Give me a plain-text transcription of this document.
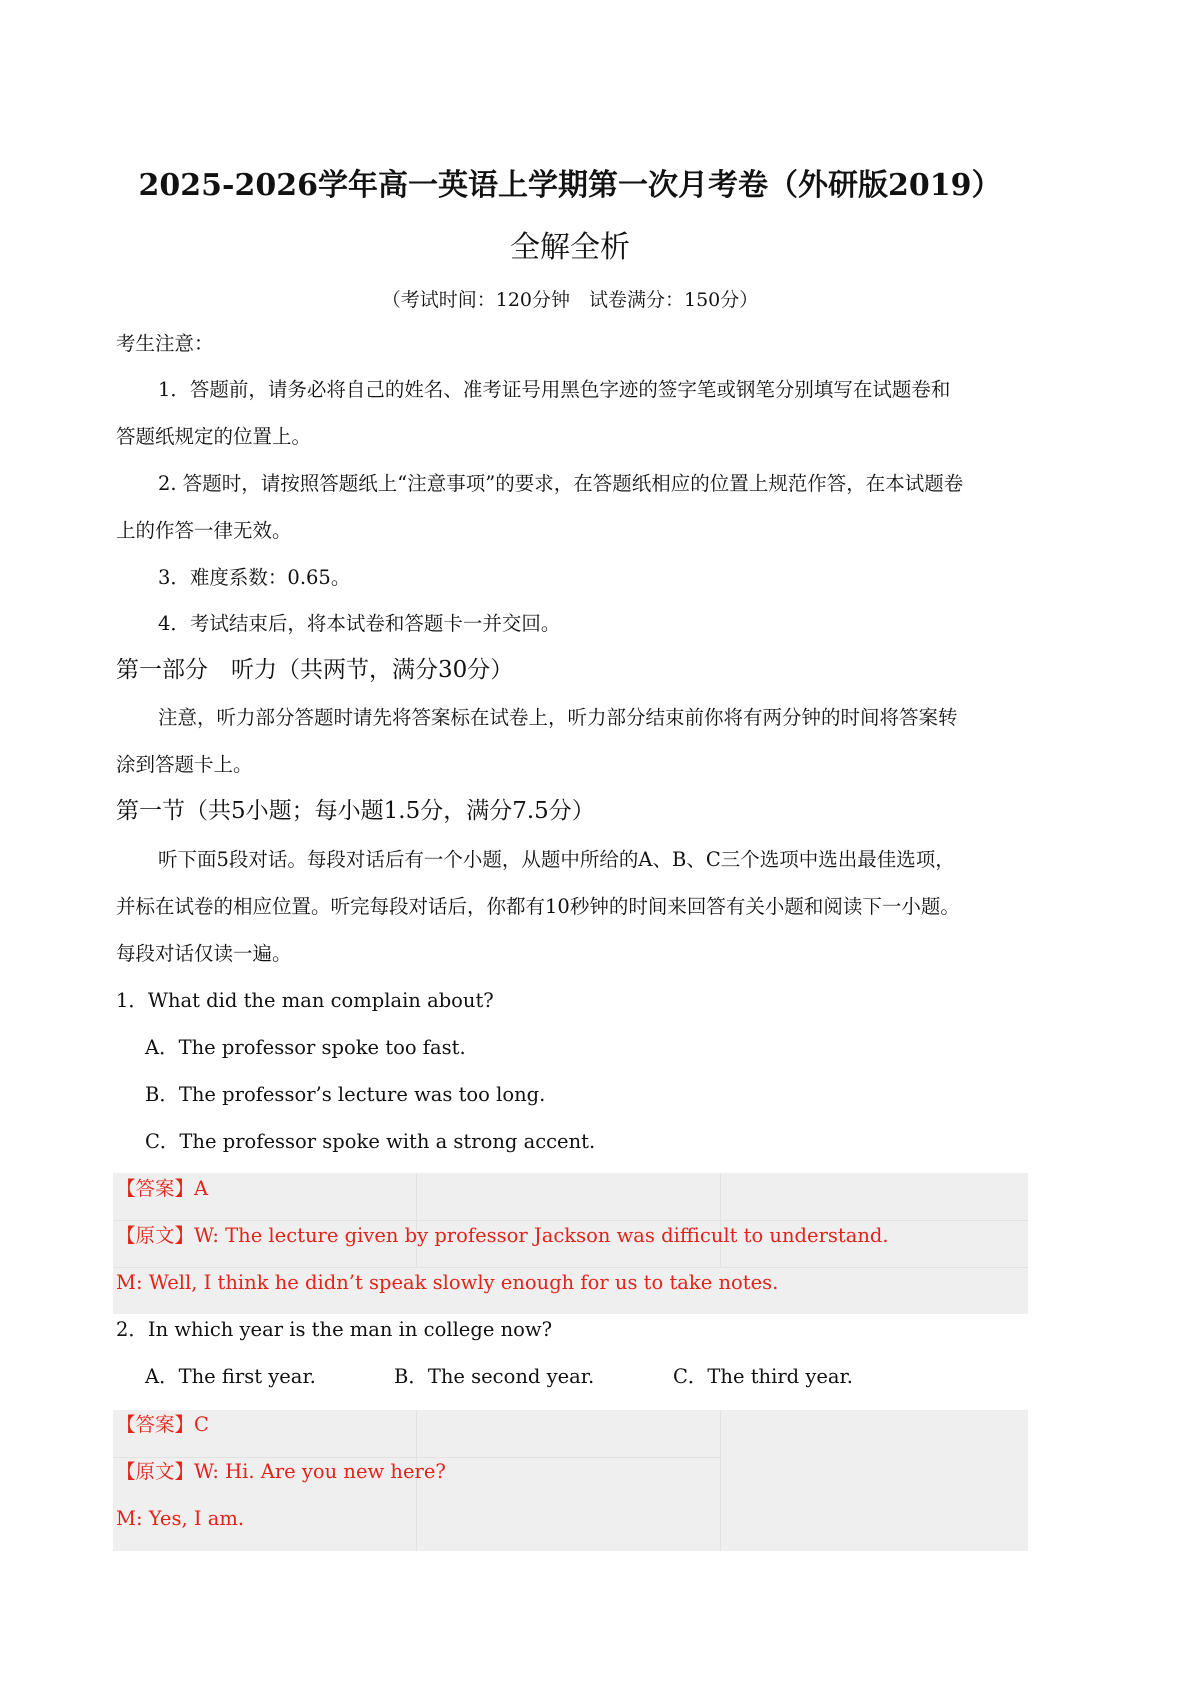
2025-2026学年高一英语上学期第一次月考卷（外研版2019）
全解全析
（考试时间：120分钟　试卷满分：150分）
考生注意：
1．答题前，请务必将自己的姓名、准考证号用黑色字迹的签字笔或钢笔分别填写在试题卷和
答题纸规定的位置上。
2. 答题时，请按照答题纸上“注意事项”的要求，在答题纸相应的位置上规范作答，在本试题卷
上的作答一律无效。
3．难度系数：0.65。
4．考试结束后，将本试卷和答题卡一并交回。
第一部分　听力（共两节，满分30分）
注意，听力部分答题时请先将答案标在试卷上，听力部分结束前你将有两分钟的时间将答案转
涂到答题卡上。
第一节（共5小题；每小题1.5分，满分7.5分）
听下面5段对话。每段对话后有一个小题，从题中所给的A、B、C三个选项中选出最佳选项，
并标在试卷的相应位置。听完每段对话后，你都有10秒钟的时间来回答有关小题和阅读下一小题。
每段对话仅读一遍。
1．What did the man complain about?
A．The professor spoke too fast.
B．The professor’s lecture was too long.
C．The professor spoke with a strong accent.
【答案】A
【原文】W: The lecture given by professor Jackson was difficult to understand.
M: Well, I think he didn’t speak slowly enough for us to take notes.
2．In which year is the man in college now?
A．The first year.	B．The second year.	C．The third year.
【答案】C
【原文】W: Hi. Are you new here?
M: Yes, I am.
